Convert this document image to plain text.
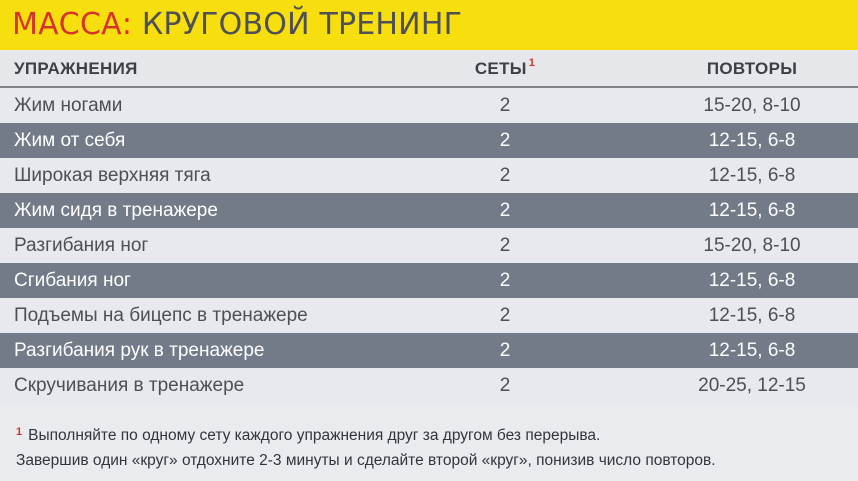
МАССА: КРУГОВОЙ ТРЕНИНГ
УПРАЖНЕНИЯ	СЕТЫ 1	ПОВТОРЫ
Жим ногами	2	15-20, 8-10
Жим от себя	2	12-15, 6-8
Широкая верхняя тяга	2	12-15, 6-8
Жим сидя в тренажере	2	12-15, 6-8
Разгибания ног	2	15-20, 8-10
Сгибания ног	2	12-15, 6-8
Подъемы на бицепс в тренажере	2	12-15, 6-8
Разгибания рук в тренажере	2	12-15, 6-8
Скручивания в тренажере	2	20-25, 12-15
$^1$ Выполняйте по одному сету каждого упражнения друг за другом без перерыва.
Завершив один «круг» отдохните 2-3 минуты и сделайте второй «круг», понизив число повторов.
